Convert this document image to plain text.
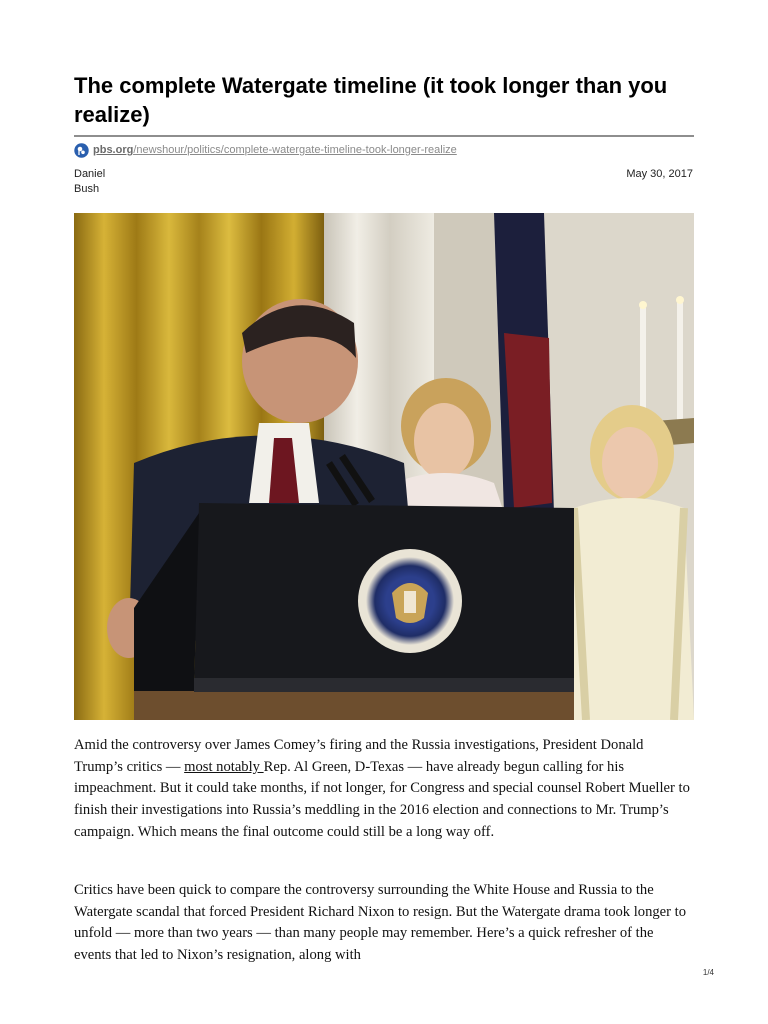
The complete Watergate timeline (it took longer than you realize)
pbs.org /newshour/politics/complete-watergate-timeline-took-longer-realize
Daniel
Bush
May 30, 2017

Amid the controversy over James Comey’s firing and the Russia investigations, President Donald Trump’s critics — most notably Rep. Al Green, D-Texas — have already begun calling for his impeachment. But it could take months, if not longer, for Congress and special counsel Robert Mueller to finish their investigations into Russia’s meddling in the 2016 election and connections to Mr. Trump’s campaign. Which means the final outcome could still be a long way off.

Critics have been quick to compare the controversy surrounding the White House and Russia to the Watergate scandal that forced President Richard Nixon to resign. But the Watergate drama took longer to unfold — more than two years — than many people may remember. Here’s a quick refresher of the events that led to Nixon’s resignation, along with

1/4
